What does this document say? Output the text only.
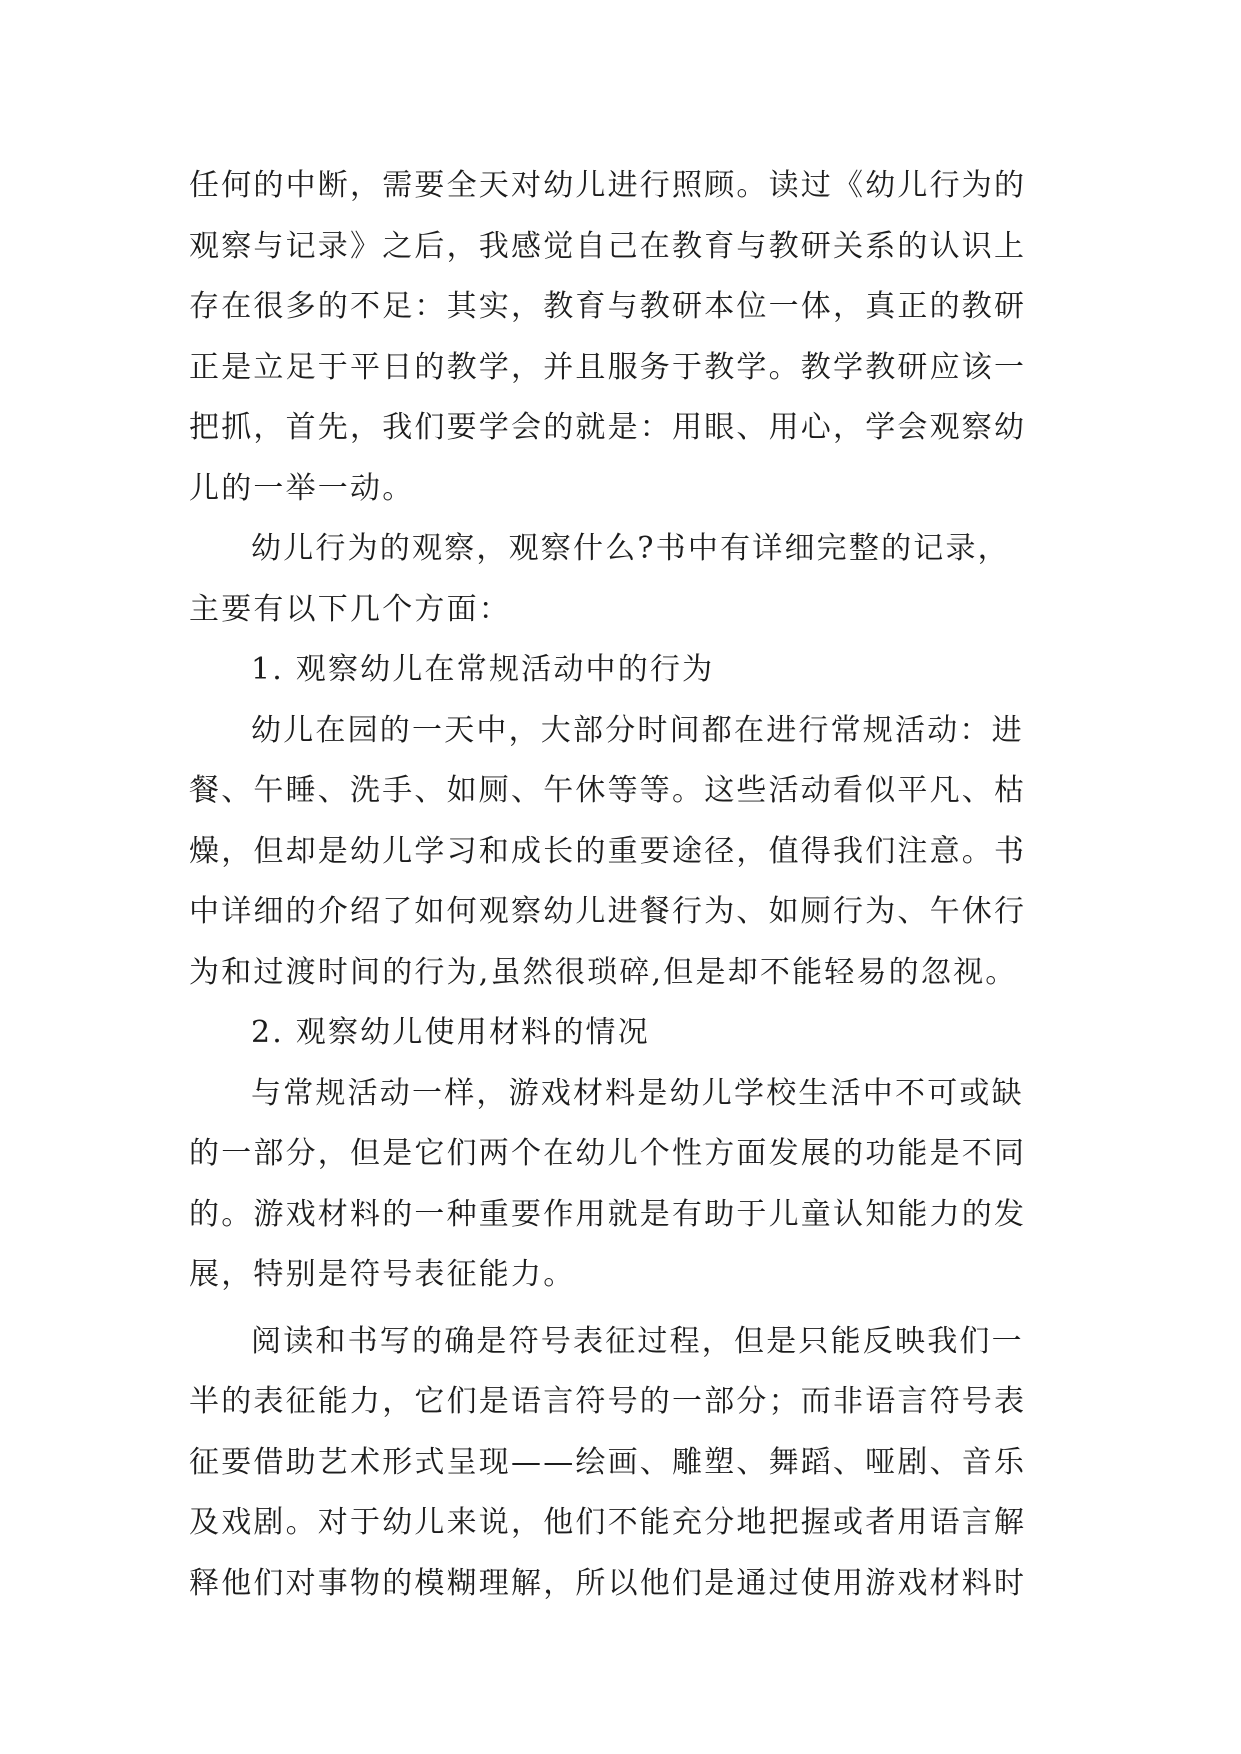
任何的中断，需要全天对幼儿进行照顾。读过《幼儿行为的
观察与记录》之后，我感觉自己在教育与教研关系的认识上
存在很多的不足：其实，教育与教研本位一体，真正的教研
正是立足于平日的教学，并且服务于教学。教学教研应该一
把抓，首先，我们要学会的就是：用眼、用心，学会观察幼
儿的一举一动。
幼儿行为的观察，观察什么?书中有详细完整的记录，
主要有以下几个方面：
1. 观察幼儿在常规活动中的行为
幼儿在园的一天中，大部分时间都在进行常规活动：进
餐、午睡、洗手、如厕、午休等等。这些活动看似平凡、枯
燥，但却是幼儿学习和成长的重要途径，值得我们注意。书
中详细的介绍了如何观察幼儿进餐行为、如厕行为、午休行
为和过渡时间的行为,虽然很琐碎,但是却不能轻易的忽视。
2. 观察幼儿使用材料的情况
与常规活动一样，游戏材料是幼儿学校生活中不可或缺
的一部分，但是它们两个在幼儿个性方面发展的功能是不同
的。游戏材料的一种重要作用就是有助于儿童认知能力的发
展，特别是符号表征能力。
阅读和书写的确是符号表征过程，但是只能反映我们一
半的表征能力，它们是语言符号的一部分；而非语言符号表
征要借助艺术形式呈现——绘画、雕塑、舞蹈、哑剧、音乐
及戏剧。对于幼儿来说，他们不能充分地把握或者用语言解
释他们对事物的模糊理解，所以他们是通过使用游戏材料时
